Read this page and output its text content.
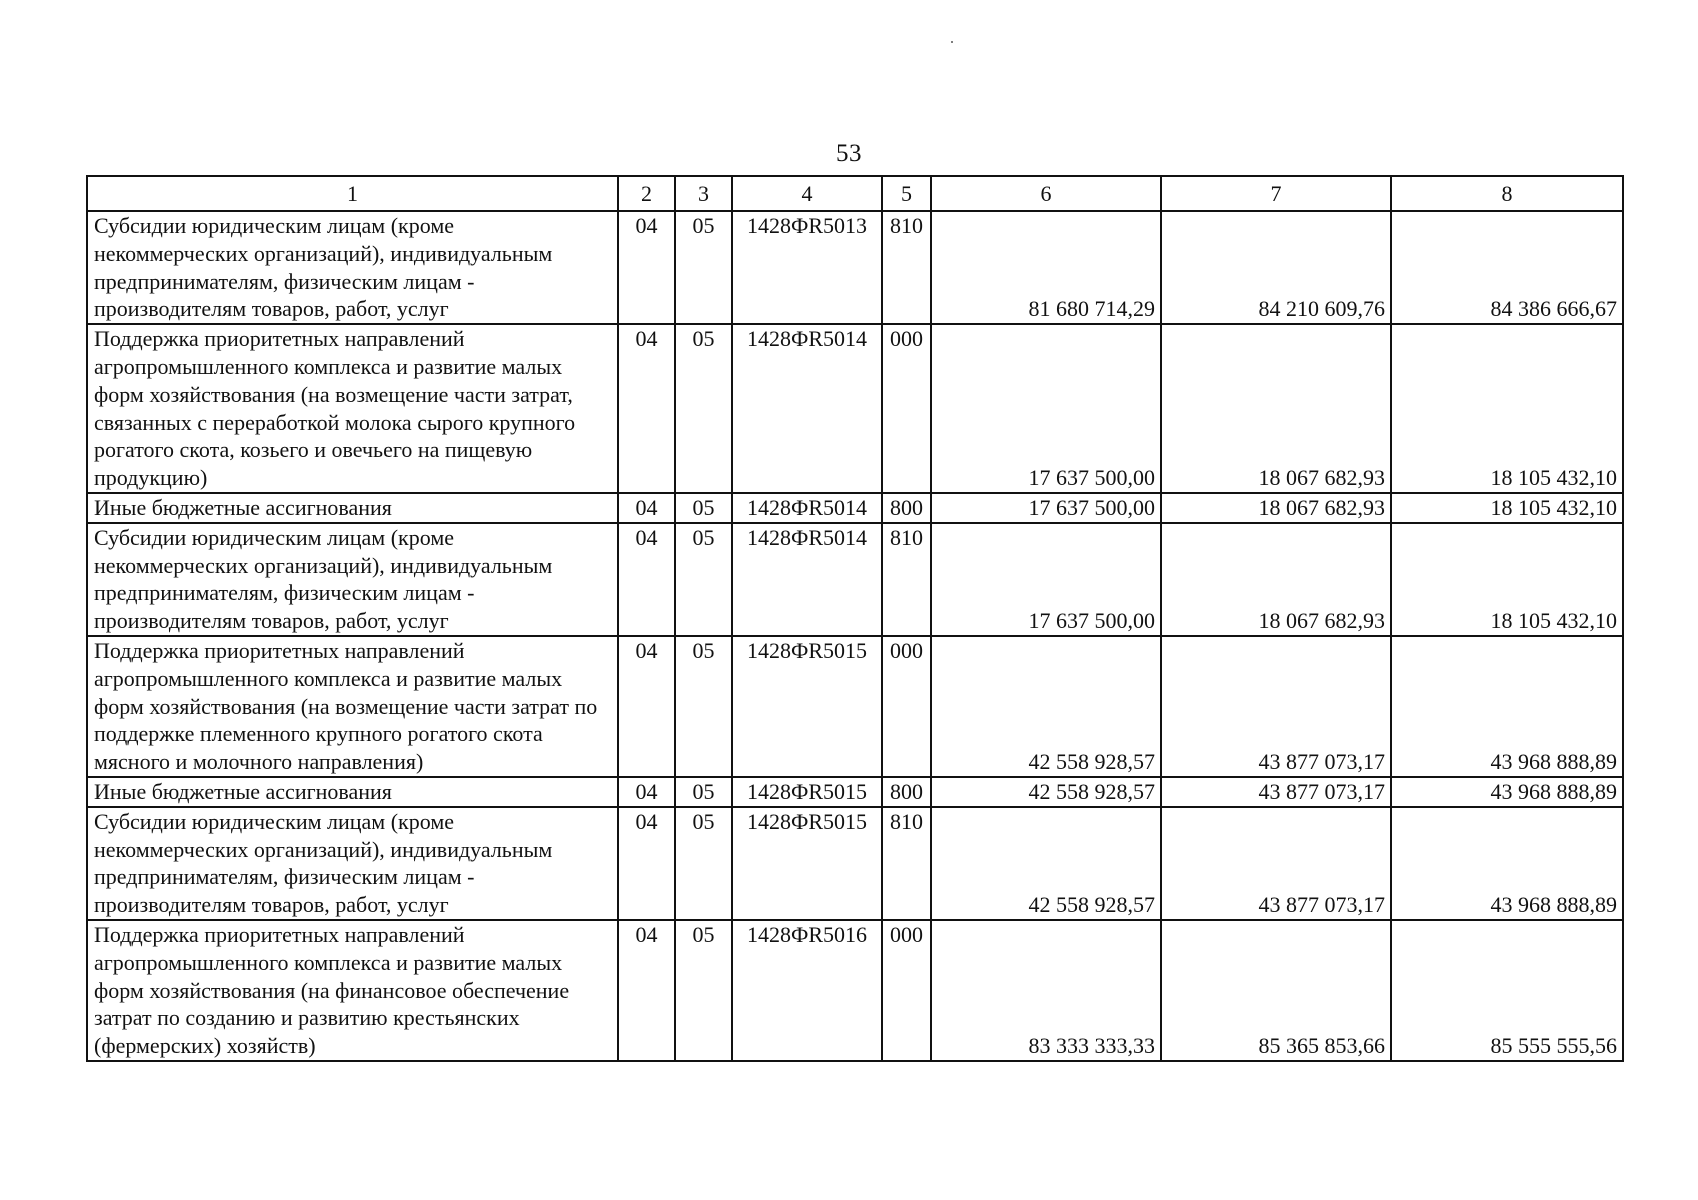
53
1	2	3	4	5	6	7	8
Субсидии юридическим лицам (кроме некоммерческих организаций), индивидуальным предпринимателям, физическим лицам - производителям товаров, работ, услуг	04	05	1428ФR5013	810	81 680 714,29	84 210 609,76	84 386 666,67
Поддержка приоритетных направлений агропромышленного комплекса и развитие малых форм хозяйствования (на возмещение части затрат, связанных с переработкой молока сырого крупного рогатого скота, козьего и овечьего на пищевую продукцию)	04	05	1428ФR5014	000	17 637 500,00	18 067 682,93	18 105 432,10
Иные бюджетные ассигнования	04	05	1428ФR5014	800	17 637 500,00	18 067 682,93	18 105 432,10
Субсидии юридическим лицам (кроме некоммерческих организаций), индивидуальным предпринимателям, физическим лицам - производителям товаров, работ, услуг	04	05	1428ФR5014	810	17 637 500,00	18 067 682,93	18 105 432,10
Поддержка приоритетных направлений агропромышленного комплекса и развитие малых форм хозяйствования (на возмещение части затрат по поддержке племенного крупного рогатого скота мясного и молочного направления)	04	05	1428ФR5015	000	42 558 928,57	43 877 073,17	43 968 888,89
Иные бюджетные ассигнования	04	05	1428ФR5015	800	42 558 928,57	43 877 073,17	43 968 888,89
Субсидии юридическим лицам (кроме некоммерческих организаций), индивидуальным предпринимателям, физическим лицам - производителям товаров, работ, услуг	04	05	1428ФR5015	810	42 558 928,57	43 877 073,17	43 968 888,89
Поддержка приоритетных направлений агропромышленного комплекса и развитие малых форм хозяйствования (на финансовое обеспечение затрат по созданию и развитию крестьянских (фермерских) хозяйств)	04	05	1428ФR5016	000	83 333 333,33	85 365 853,66	85 555 555,56
